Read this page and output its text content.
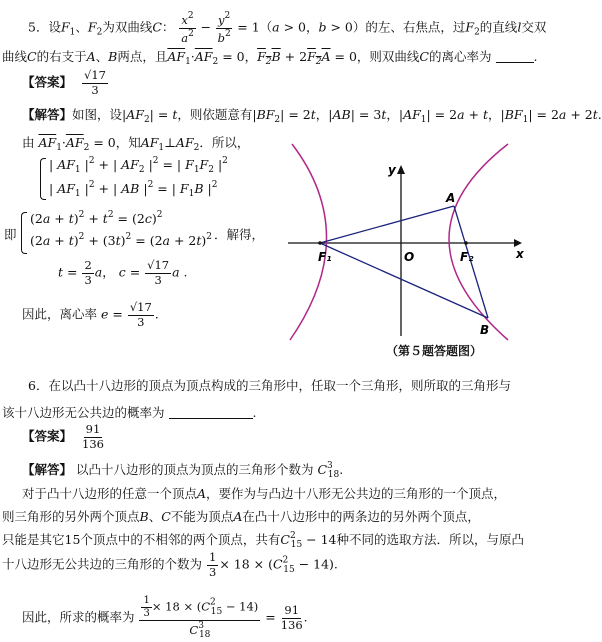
5．设$F_1$、$F_2$为双曲线C： $\frac{x^2}{a^2} - \frac{y^2}{b^2} = 1(a > 0$，b > 0）的左、右焦点，过$F_2$的直线l交双
曲线C的右支于A、B两点，且$\overline{AF}_1\cdot\overline{AF}_2 = 0$，$F_2B + 2F_2A = 0$，则双曲线C的离心率为	.
【答案】 $\frac{√17}{3}$
【解答】如图，设$|AF_2| = t$，则依题意有$|BF_2| = 2t$，|AB| = 3t，$|AF_1| = 2a + t$，$|BF_1| = 2a + 2t$.
由 $\overline{AF}_1\cdot\overline{AF}_2 = 0$，知$AF_1\perp AF_2$．所以，
| $AF_1$ $|^2$ + | $AF_2$ $|^2$ = | $F_1F_2$ $|^2$
| $AF_1$ $|^2$ + | AB $|^2$ = | $F_1B$ $|^2$
即
$(2a + t)^2 + t^2 = (2c)^2$
$(2a + t)^2 + (3t)^2 = (2a + 2t)^2$ ．解得，
$t = \frac{2}{3}$ a， $c = \frac{√17}{3}$ a .
因此，离心率 $e = \frac{√17}{3}$ .
A
B
F₁	F₂
O	x
y
（第５题答题图）
6．在以凸十八边形的顶点为顶点构成的三角形中，任取一个三角形，则所取的三角形与
该十八边形无公共边的概率为	.
【答案】 $\frac{91}{136}$
【解答】 以凸十八边形的顶点为顶点的三角形个数为 $C^3_{18}$.
对于凸十八边形的任意一个顶点A，要作为与凸边十八形无公共边的三角形的一个顶点，
则三角形的另外两个顶点B、C不能为顶点A在凸十八边形中的两条边的另外两个顶点，
只能是其它15个顶点中的不相邻的两个顶点，共有$C^2_{15} - 14$种不同的选取方法．所以，与原凸
十八边形无公共边的三角形的个数为 $\frac{1}{3} \times 18 \times (C^2_{15} - 14)$.
因此，所求的概率为 $\frac{\frac{1}{3} \times 18 \times (C^2_{15} - 14)}{C^3_{18}} = \frac{91}{136}$ .
